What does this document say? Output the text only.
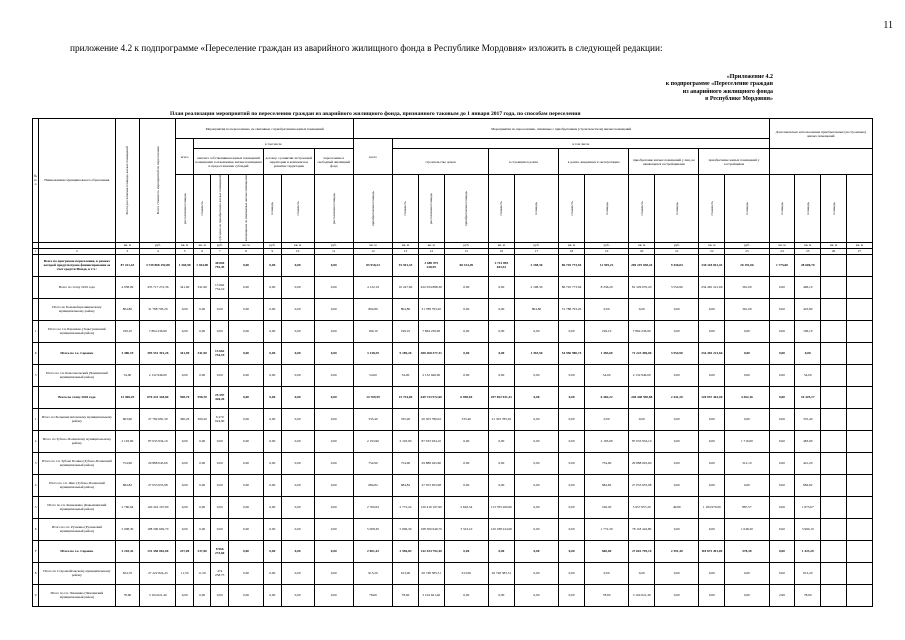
11
приложение 4.2 к подпрограмме «Переселение граждан из аварийного жилищного фонда в Республике Мордовия» изложить в следующей редакции:
«Приложение 4.2
к подпрограмме «Переселение граждан
из аварийного жилищного фонда
в Республике Мордовия»
План реализации мероприятий по переселению граждан из аварийного жилищного фонда, признанного таковым до 1 января 2017 года, по способам переселения
№ п/п	Наименование муниципального образования	Всего расселяемая площадь жилых помещений	Всего стоимость мероприятий по переселению	Мероприятия по переселению, не связанные с приобретением жилых помещений							Мероприятия по переселению, связанные с приобретением (строительством) жилых помещений												Дополнительно использование приобретаемых (построенных) жилых помещений			
				всего	в том числе						всего	в том числе														
					выплата собственникам жилых помещений возмещения за изымаемые жилые помещения и предоставление субсидий			договор о развитии застроенной территории и комплексное развитие территории		переселение в свободный жилищный фонд		строительство домов			в строящихся домах		в домах, введенных в эксплуатацию		приобретение жилых помещений у лиц, не являющихся застройщиками		приобретение жилых помещений у застройщиков					

				расселяемая площадь	стоимость	субсидия на приобретение жилых помещений	возмещение за изымаемые жилые помещения	площадь	стоимость	расселяемая площадь	приобретаемая площадь	стоимость	расселяемая площадь	приобретаемая площадь	стоимость	площадь	стоимость	площадь	стоимость	площадь	стоимость	площадь	площадь	площадь	площадь	

		кв. м	руб.	кв. м	кв. м	руб.	кв. м	руб.	кв. м	руб.	кв. м	кв. м	кв. м	руб.	кв. м	руб.	кв. м	руб.	кв. м	руб.	кв. м	руб.	кв. м	кв. м	кв. м	кв. м
1	2	3	4	5	6	7	8	9	10	11	12	13	14	15	16	17	18	19	20	21	22	23	24	25	26	27
	Всего по программе переселения, в рамках которой предусмотрено финансирование за счет средств Фонда, в т.ч.:	87 221,43	3 739 868 192,88	1 304,90	1 304,90	48 804 792,45	0,00	0,00	0,00	0,00	83 918,23	91 941,33	3 689 975 238,59	68 414,49	2 712 893 043,52	2 198,30	86 745 773,94	11 595,22	200 219 038,44	9 436,84	230 118 041,43	20 191,06	1 775,60	28 600,70		
	Всего по этапу 2019 года	4 958,09	435 717 272,36	341,90	341,90	13 662 754,19	0,00	0,00	0,00	0,00	4 132,19	10 247,60	422 034 888,36	0,00	0,00	2 198,30	86 745 773,94	8 236,20	81 329 070,20	3 554,90	234 481 221,66	361,00	0,00	496,10		
	Итого по Большеберезниковскому муниципальному району	804,80	31 788 793,20	0,00	0,00	0,00	0,00	0,00	0,00	0,00	804,80	804,80	31 788 793,20	0,00	0,00	804,80	31 788 793,20	0,00	0,00	0,00	0,00	361,00	0,00	443,80		
1	Итого по г.п. Барашево (Теньгушевский муниципальный район)	199,10	7 864 236,90	0,00	0,00	0,00	0,00	0,00	0,00	0,00	199,10	199,10	7 864 236,90	0,00	0,00	0,00	0,00	199,10	7 864 236,90	0,00	0,00	0,00	0,00	199,10		
2	Итого по г.о. Саранск	3 480,19	395 551 391,26	341,90	341,90	13 662 754,19	0,00	0,00	0,00	0,00	3 138,29	9 189,20	380 268 377,31	0,00	0,00	1 393,50	54 956 980,74	1 383,60	71 223 496,00	3 554,90	234 481 221,66	0,00	0,00	0,00		
3	Итого по г.п. Комсомольский (Чамзинский муниципальный район)	54,00	2 132 946,00	0,00	0,00	0,00	0,00	0,00	0,00	0,00	54,00	54,00	2 132 946,00	0,00	0,00	0,00	0,00	54,00	2 132 946,00	0,00	0,00	0,00	0,00	54,00		
	Всего по этапу 2020 года	13 308,29	676 431 328,80	598,70	598,70	25 597 426,20	0,00	0,00	0,00	0,00	14 709,59	15 734,00	649 733 972,60	6 998,04	297 052 931,41	0,00	0,00	6 382,22	248 448 590,88	2 441,20	120 057 461,00	4 362,16	0,00	10 325,17		
1	Итого по Большеигнатовскому муниципальному району	603,60	27 782 681,30	360,20	360,20	6 470 924,90	0,00	0,00	0,00	0,00	335,40	335,40	20 303 786,02	335,40	21 303 785,02	0,00	0,00	0,00	0,00	0,00	0,00	0,00	0,00	335,40		
2	Итого по Зубово-Полянскому муниципальному району	2 193,90	87 033 934,10	0,00	0,00	0,00	0,00	0,00	0,00	0,00	2 193,90	2 193,90	87 033 934,10	0,00	0,00	0,00	0,00	2 193,90	87 033 934,10	0,00	0,00	1 710,00	0,00	483,90		
3	Итого по г.п. Зубова Поляна (Зубово-Полянский муниципальный район)	754,90	29 888 045,60	0,00	0,00	0,00	0,00	0,00	0,00	0,00	754,90	754,90	29 888 045,60	0,00	0,00	0,00	0,00	754,90	29 888 045,60	0,00	0,00	312,10	0,00	441,20		
4	Итого по с.п. Явас (Зубово-Полянский муниципальный район)	684,82	27 053 655,98	0,00	0,00	0,00	0,00	0,00	0,00	0,00	684,82	684,82	27 053 655,98	0,00	0,00	0,00	0,00	684,82	27 053 655,98	0,00	0,00	0,00	0,00	684,82		
5	Итого по г.п. Ковылкино (Ковылкинский муниципальный район)	2 760,64	120 416 197,90	0,00	0,00	0,00	0,00	0,00	0,00	0,00	2 760,64	2 772,24	120 416 197,90	2 626,54	113 783 260,90	0,00	0,00	106,20	5 657 957,20	49,80	1 184 970,00	887,57	0,00	1 873,07		
6	Итого по г.п. Рузаевка (Рузаевский муниципальный район)	5 008,30	198 306 649,70	0,00	0,00	0,00	0,00	0,00	0,00	0,00	5 008,30	5 096,30	198 306 649,70	3 323,10	120 188 224,90	0,00	0,00	1 772,30	78 118 424,80	0,00	0,00	1 048,20	0,00	3 960,10		
7	Итого по г.о. Саранск	2 218,42	131 450 002,00	237,00	237,00	8 966 273,60	0,00	0,00	0,00	0,00	2 001,42	2 596,83	142 434 792,40	0,00	0,00	0,00	0,00	600,00	27 601 795,10	2 391,40	118 872 491,00	578,30	0,00	1 423,20		
8	Итого по Старошайговскому муниципальному району	624,70	27 222 824,43	11,50	11,50	474 238,75	0,00	0,00	0,00	0,00	613,20	613,00	26 748 585,51	613,00	26 748 585,51	0,00	0,00	0,00	0,00	0,00	0,00	0,00	0,00	613,20		
9	Итого по г.п. Чамзинка (Чамзинский муниципальный район)	78,60	3 104 621,40	0,00	0,00	0,00	0,00	0,00	0,00	0,00	78,60	78,60	3 104 621,40	0,00	0,00	0,00	0,00	78,60	3 104 621,40	0,00	0,00	0,00	2,96	78,60		
